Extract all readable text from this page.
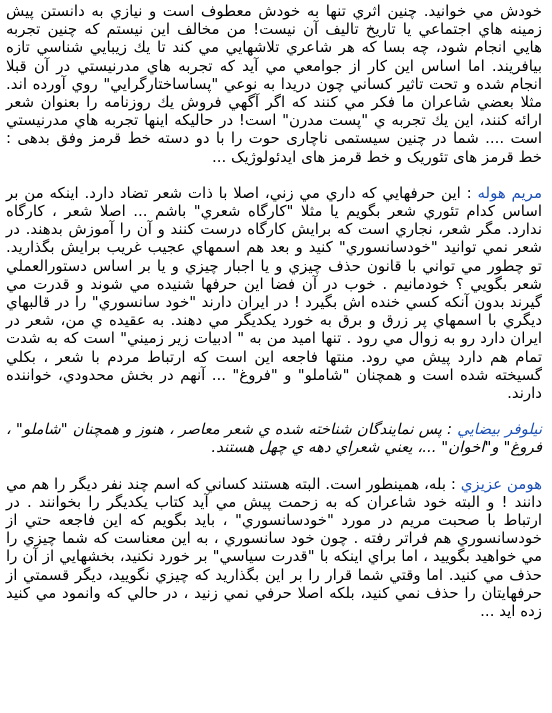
خودش مي خوانيد. چنين اثري تنها به خودش معطوف است و نيازي به دانستن پيش زمينه هاي اجتماعي يا تاريخ تاليف آن نيست! من مخالف اين نيستم كه چنين تجربه هايي انجام شود، چه بسا كه هر شاعري تلاشهايي مي كند تا يك زيبايي شناسي تازه بيافريند. اما اساس اين كار از جوامعي مي آيد كه تجربه هاي مدرنيستي در آن قبلا انجام شده و تحت تاثير كساني چون دريدا به نوعي "پساساختارگرايي" روي آورده اند. مثلا بعضي شاعران ما فكر مي كنند كه اگر آگهي فروش يك روزنامه را بعنوان شعر ارائه كنند، اين يك تجربه ي "پست مدرن" است! در حاليكه اينها تجربه هاي مدرنيستي است .... شما در چنين سيستمی ناچاری حوت را با دو دسته خط قرمز وفق بدهی : خط قرمز های تئوریک و خط قرمز های ایدئولوژیک ...

مريم هوله : اين حرفهايي كه داري مي زني، اصلا با ذات شعر تضاد دارد. اينكه من بر اساس كدام تئوري شعر بگويم يا مثلا "كارگاه شعري" باشم ... اصلا شعر ، كارگاه ندارد. مگر شعر، نجاري است كه برايش كارگاه درست كنند و آن را آموزش بدهند. در شعر نمي توانيد "خودسانسوري" كنيد و بعد هم اسمهاي عجيب غريب برايش بگذاريد. تو چطور مي تواني با قانون حذف چيزي و يا اجبار چيزي و يا بر اساس دستورالعملي شعر بگويي ؟ خودمانيم . خوب در آن فضا اين حرفها شنيده مي شوند و قدرت مي گيرند بدون آنكه كسي خنده اش بگيرد ! در ايران دارند "خود سانسوري" را در قالبهاي ديگري با اسمهاي پر زرق و برق به خورد يكديگر مي دهند. به عقيده ي من، شعر در ايران دارد رو به زوال مي رود . تنها اميد من به " ادبيات زير زميني" است كه به شدت تمام هم دارد پيش مي رود. منتها فاجعه اين است كه ارتباط مردم با شعر ، بكلي گسيخته شده است و همچنان "شاملو" و "فروغ" ... آنهم در بخش محدودي، خواننده دارند.

نيلوفر بيضايي : پس نمايندگان شناخته شده ي شعر معاصر ، هنوز و همچنان "شاملو" ، فروغ" و"اخوان" ...، يعني شعراي دهه ي چهل هستند.

هومن عزيزي : بله، همينطور است. البته هستند كساني كه اسم چند نفر ديگر را هم مي دانند ! و البته خود شاعران كه به زحمت پيش مي آيد كتاب يكديگر را بخوانند . در ارتباط با صحبت مريم در مورد "خودسانسوري" ، بايد بگويم كه اين فاجعه حتي از خودسانسوري هم فراتر رفته . چون خود سانسوري ، به اين معناست كه شما چيزي را مي خواهيد بگوييد ، اما براي اينكه با "قدرت سياسي" بر خورد نكنيد، بخشهايي از آن را حذف مي كنيد. اما وقتي شما قرار را بر اين بگذاريد كه چيزي نگوييد، ديگر قسمتي از حرفهايتان را حذف نمي كنيد، بلكه اصلا حرفي نمي زنيد ، در حالي كه وانمود مي كنيد زده ايد ...
